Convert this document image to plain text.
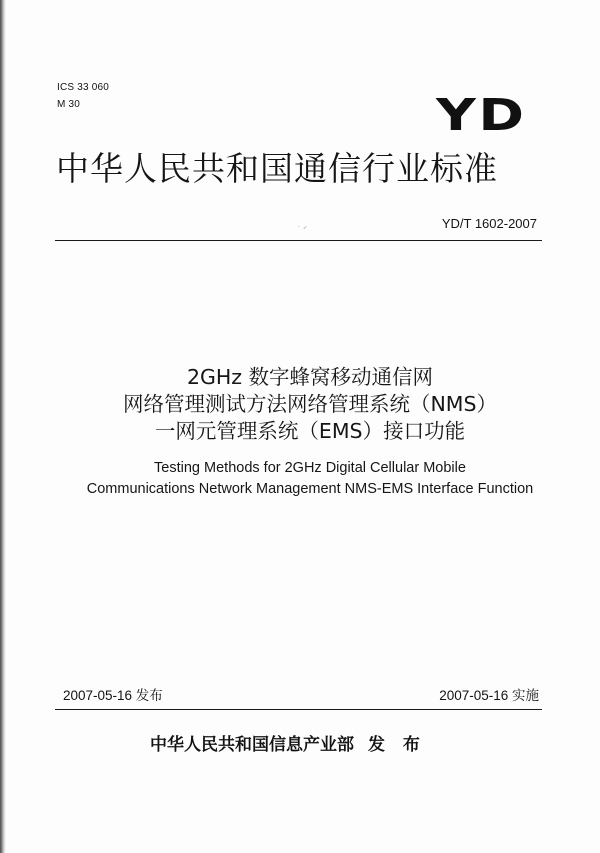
ICS 33 060
M 30	YD
中华人民共和国通信行业标准
YD/T 1602-2007
˙ ⸍
2GHz 数字蜂窝移动通信网
网络管理测试方法网络管理系统（NMS）
一网元管理系统（EMS）接口功能
Testing Methods for 2GHz Digital Cellular Mobile
Communications Network Management NMS-EMS Interface Function
2007-05-16 发布	2007-05-16 实施
中华人民共和国信息产业部 发 布
